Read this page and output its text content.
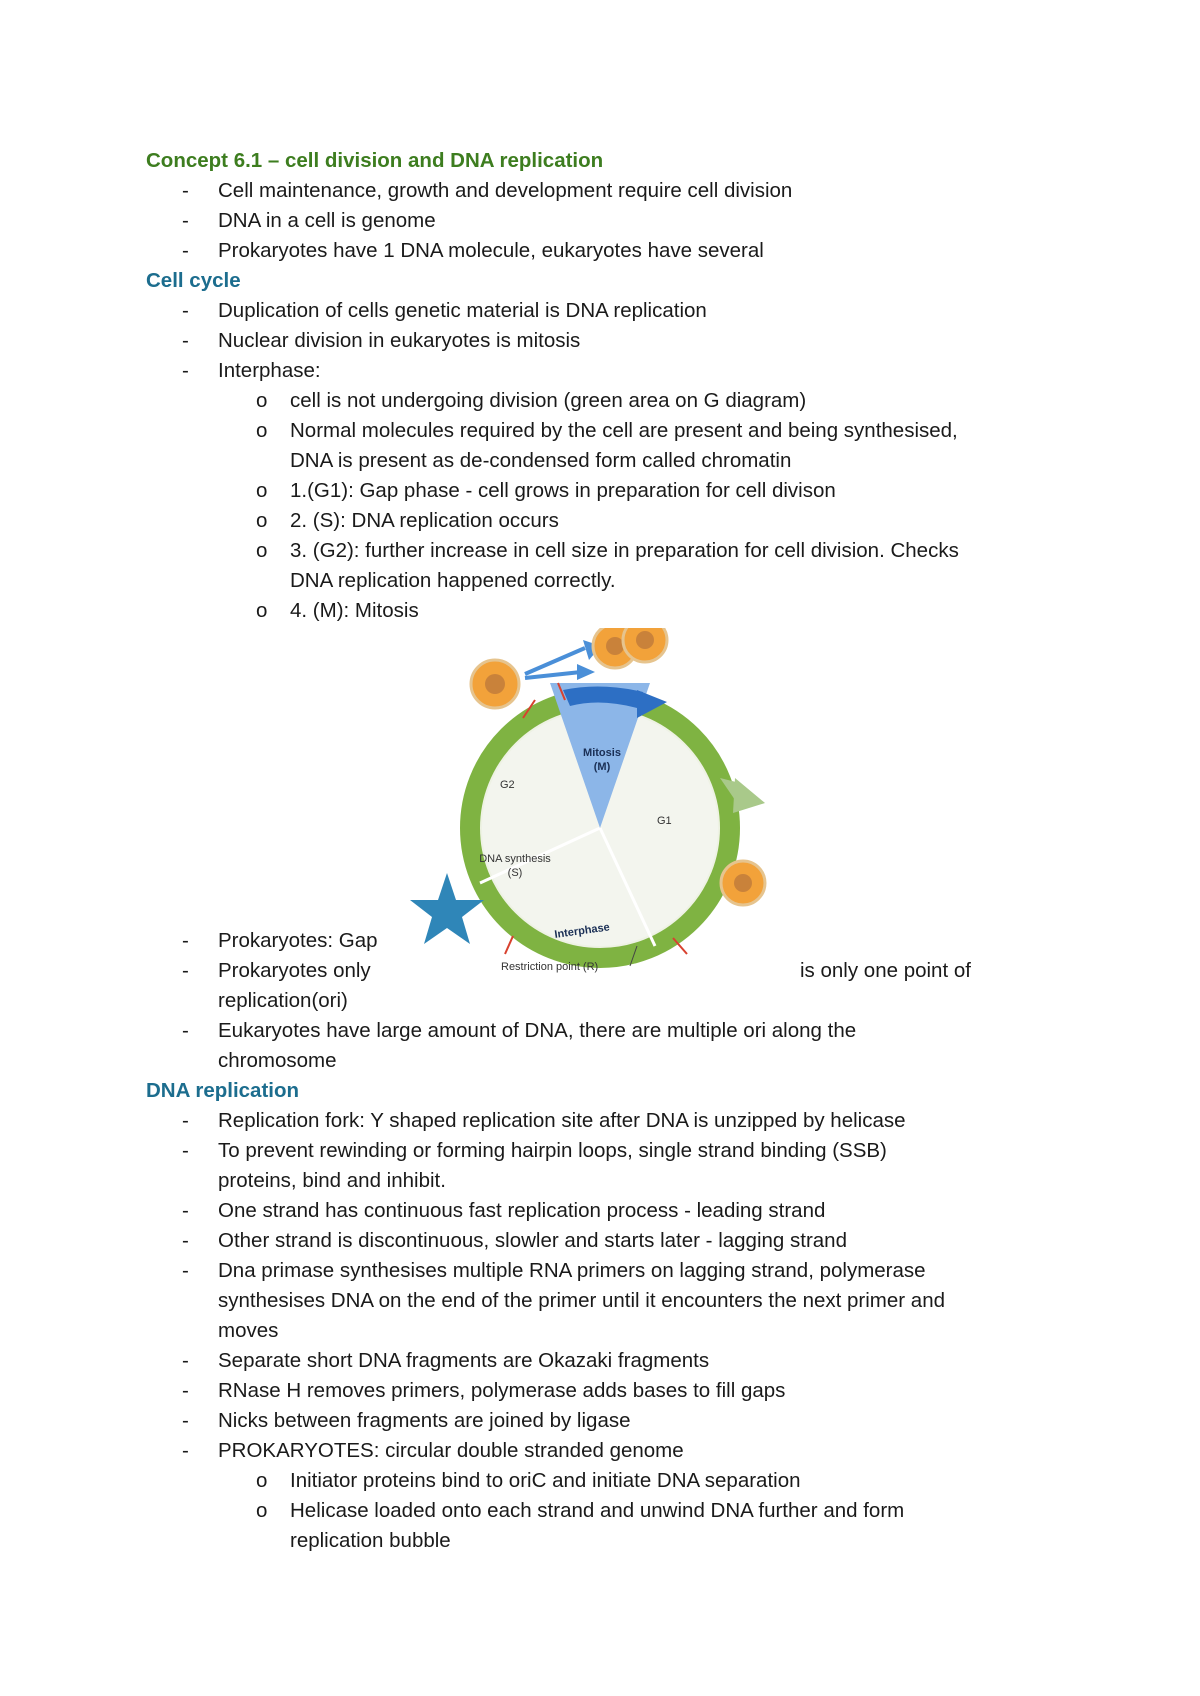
Concept 6.1 – cell division and DNA replication
- Cell maintenance, growth and development require cell division
- DNA in a cell is genome
- Prokaryotes have 1 DNA molecule, eukaryotes have several
Cell cycle
- Duplication of cells genetic material is DNA replication
- Nuclear division in eukaryotes is mitosis
- Interphase:
o cell is not undergoing division (green area on G diagram)
o Normal molecules required by the cell are present and being synthesised,
DNA is present as de-condensed form called chromatin
o 1.(G1): Gap phase - cell grows in preparation for cell divison
o 2. (S): DNA replication occurs
o 3. (G2): further increase in cell size in preparation for cell division. Checks
DNA replication happened correctly.
o 4. (M): Mitosis
Mitosis
(M)
G2
G1
DNA synthesis
(S)
Interphase
Restriction point (R)
- Prokaryotes: Gap
- Prokaryotes only	is only one point of
replication(ori)
- Eukaryotes have large amount of DNA, there are multiple ori along the
chromosome
DNA replication
- Replication fork: Y shaped replication site after DNA is unzipped by helicase
- To prevent rewinding or forming hairpin loops, single strand binding (SSB)
proteins, bind and inhibit.
- One strand has continuous fast replication process - leading strand
- Other strand is discontinuous, slowler and starts later - lagging strand
- Dna primase synthesises multiple RNA primers on lagging strand, polymerase
synthesises DNA on the end of the primer until it encounters the next primer and
moves
- Separate short DNA fragments are Okazaki fragments
- RNase H removes primers, polymerase adds bases to fill gaps
- Nicks between fragments are joined by ligase
- PROKARYOTES: circular double stranded genome
o Initiator proteins bind to oriC and initiate DNA separation
o Helicase loaded onto each strand and unwind DNA further and form
replication bubble
